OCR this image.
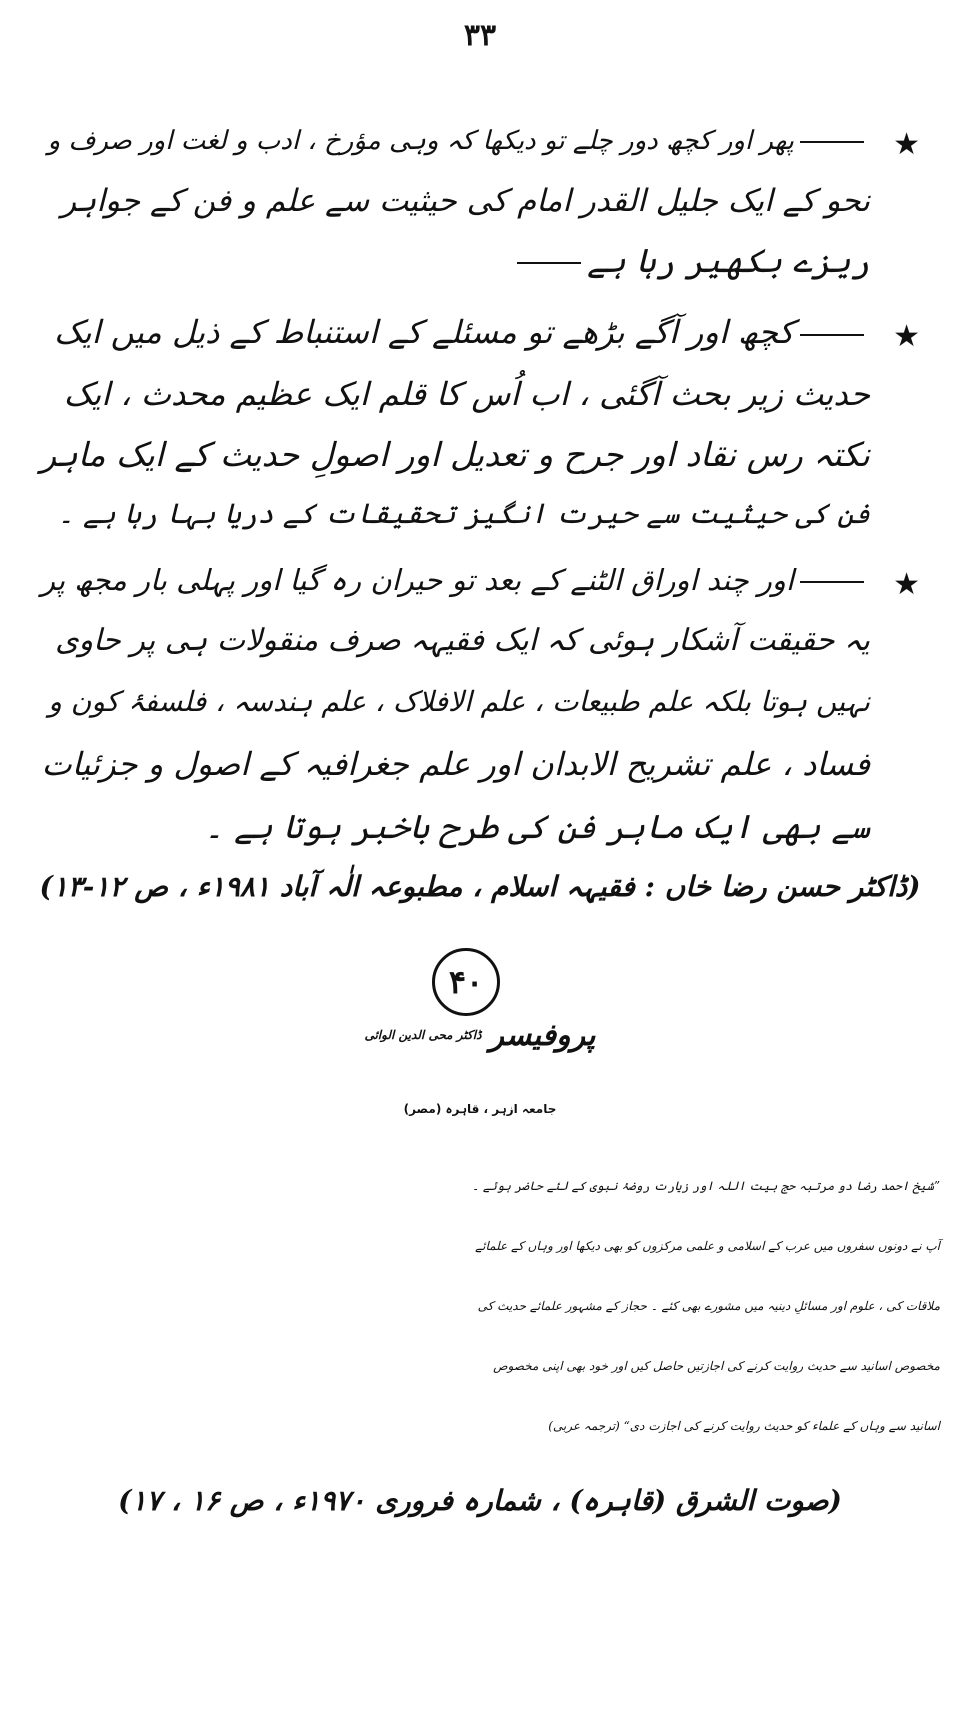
۳۳
★
پھر اور کچھ دور چلے تو دیکھا کہ وہی مؤرخ ، ادب و لغت اور صرف و
نحو کے ایک جلیل القدر امام کی حیثیت سے علم و فن کے جواہر
ریزے بکھیر رہا ہے
★
کچھ اور آگے بڑھے تو مسئلے کے استنباط کے ذیل میں ایک
حدیث زیر بحث آگئی ، اب اُس کا قلم ایک عظیم محدث ، ایک
نکتہ رس نقاد اور جرح و تعدیل اور اصولِ حدیث کے ایک ماہر
فن کی حیثیت سے حیرت انگیز تحقیقات کے دریا بہا رہا ہے ۔
★
اور چند اوراق الٹنے کے بعد تو حیران رہ گیا اور پہلی بار مجھ پر
یہ حقیقت آشکار ہوئی کہ ایک فقیہہ صرف منقولات ہی پر حاوی
نہیں ہوتا بلکہ علم طبیعات ، علم الافلاک ، علم ہندسہ ، فلسفۂ کون و
فساد ، علم تشریح الابدان اور علم جغرافیہ کے اصول و جزئیات
سے بھی ایک ماہر فن کی طرح باخبر ہوتا ہے ۔
(ڈاکٹر حسن رضا خاں : فقیہہ اسلام ، مطبوعہ الٰہ آباد ۱۹۸۱ء ، ص ۱۲-۱۳)
۴۰
پروفیسرڈاکٹر محی الدین الوائی
جامعہ ازہر ، قاہرہ (مصر)
”شیخ احمد رضا دو مرتبہ حج بیت اللہ اور زیارت روضۂ نبوی کے لئے حاضر ہوئے ۔
آپ نے دونوں سفروں میں عرب کے اسلامی و علمی مرکزوں کو بھی دیکھا اور وہاں کے علمائے
ملاقات کی ، علوم اور مسائلِ دینیہ میں مشورے بھی کئے ۔ حجاز کے مشہور علمائے حدیث کی
مخصوص اسانید سے حدیث روایت کرنے کی اجازتیں حاصل کیں اور خود بھی اپنی مخصوص
اسانید سے وہاں کے علماء کو حدیث روایت کرنے کی اجازت دی“ (ترجمہ عربی)
(صوت الشرق (قاہرہ) ، شمارہ فروری ۱۹۷۰ء ، ص ۱۶ ، ۱۷)
